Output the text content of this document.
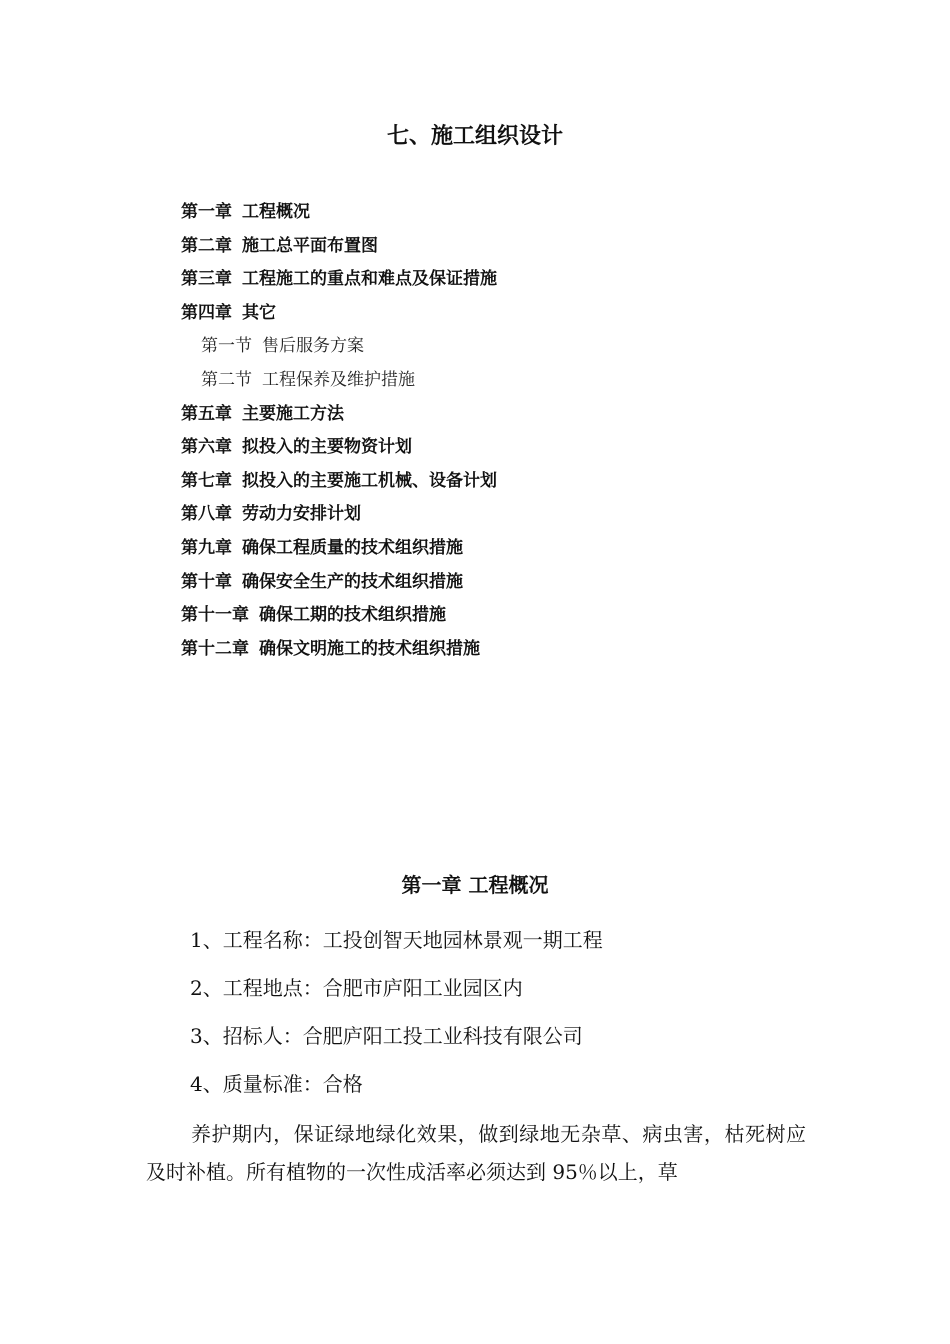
七、施工组织设计
第一章 工程概况
第二章 施工总平面布置图
第三章 工程施工的重点和难点及保证措施
第四章 其它
第一节 售后服务方案
第二节 工程保养及维护措施
第五章 主要施工方法
第六章 拟投入的主要物资计划
第七章 拟投入的主要施工机械、设备计划
第八章 劳动力安排计划
第九章 确保工程质量的技术组织措施
第十章 确保安全生产的技术组织措施
第十一章 确保工期的技术组织措施
第十二章 确保文明施工的技术组织措施
第一章 工程概况
1、工程名称：工投创智天地园林景观一期工程
2、工程地点：合肥市庐阳工业园区内
3、招标人：合肥庐阳工投工业科技有限公司
4、质量标准：合格

养护期内，保证绿地绿化效果，做到绿地无杂草、病虫害，枯死树应及时补植。所有植物的一次性成活率必须达到 95％以上，草
